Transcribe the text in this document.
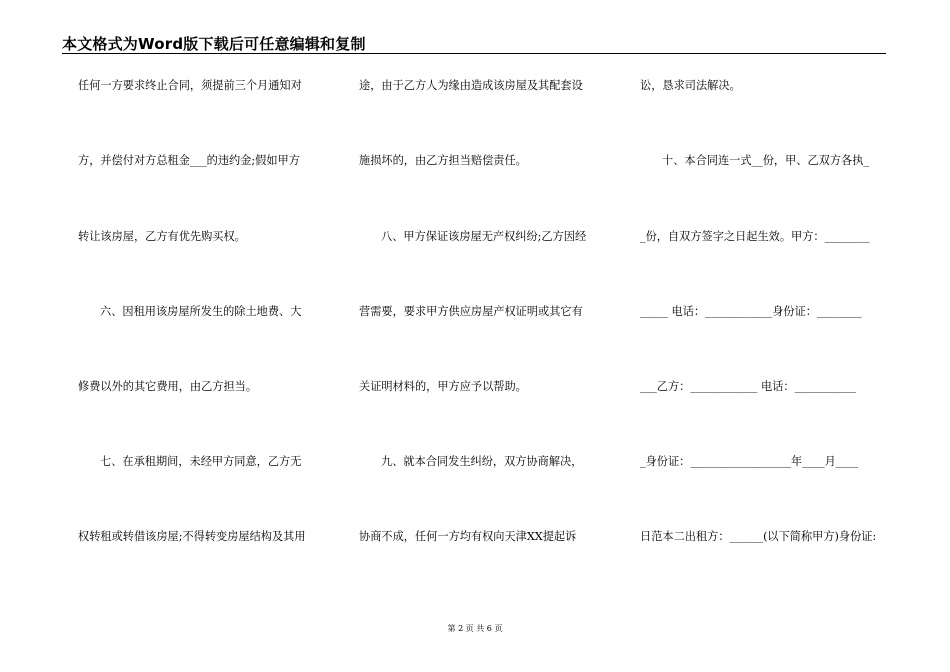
本文格式为Word版下载后可任意编辑和复制
任何一方要求终止合同，须提前三个月通知对
方，并偿付对方总租金___的违约金;假如甲方
转让该房屋，乙方有优先购买权。
六、因租用该房屋所发生的除土地费、大
修费以外的其它费用，由乙方担当。
七、在承租期间，未经甲方同意，乙方无
权转租或转借该房屋;不得转变房屋结构及其用
途，由于乙方人为缘由造成该房屋及其配套设
施损坏的，由乙方担当赔偿责任。
八、甲方保证该房屋无产权纠纷;乙方因经
营需要，要求甲方供应房屋产权证明或其它有
关证明材料的，甲方应予以帮助。
九、就本合同发生纠纷，双方协商解决，
协商不成，任何一方均有权向天津XX提起诉
讼，恳求司法解决。
十、本合同连一式__份，甲、乙双方各执_
_份，自双方签字之日起生效。甲方：________
_____ 电话：____________身份证：________
___乙方：____________ 电话：___________
_身份证：__________________年____月____
日范本二出租方：______(以下简称甲方)身份证:
第 2 页 共 6 页
